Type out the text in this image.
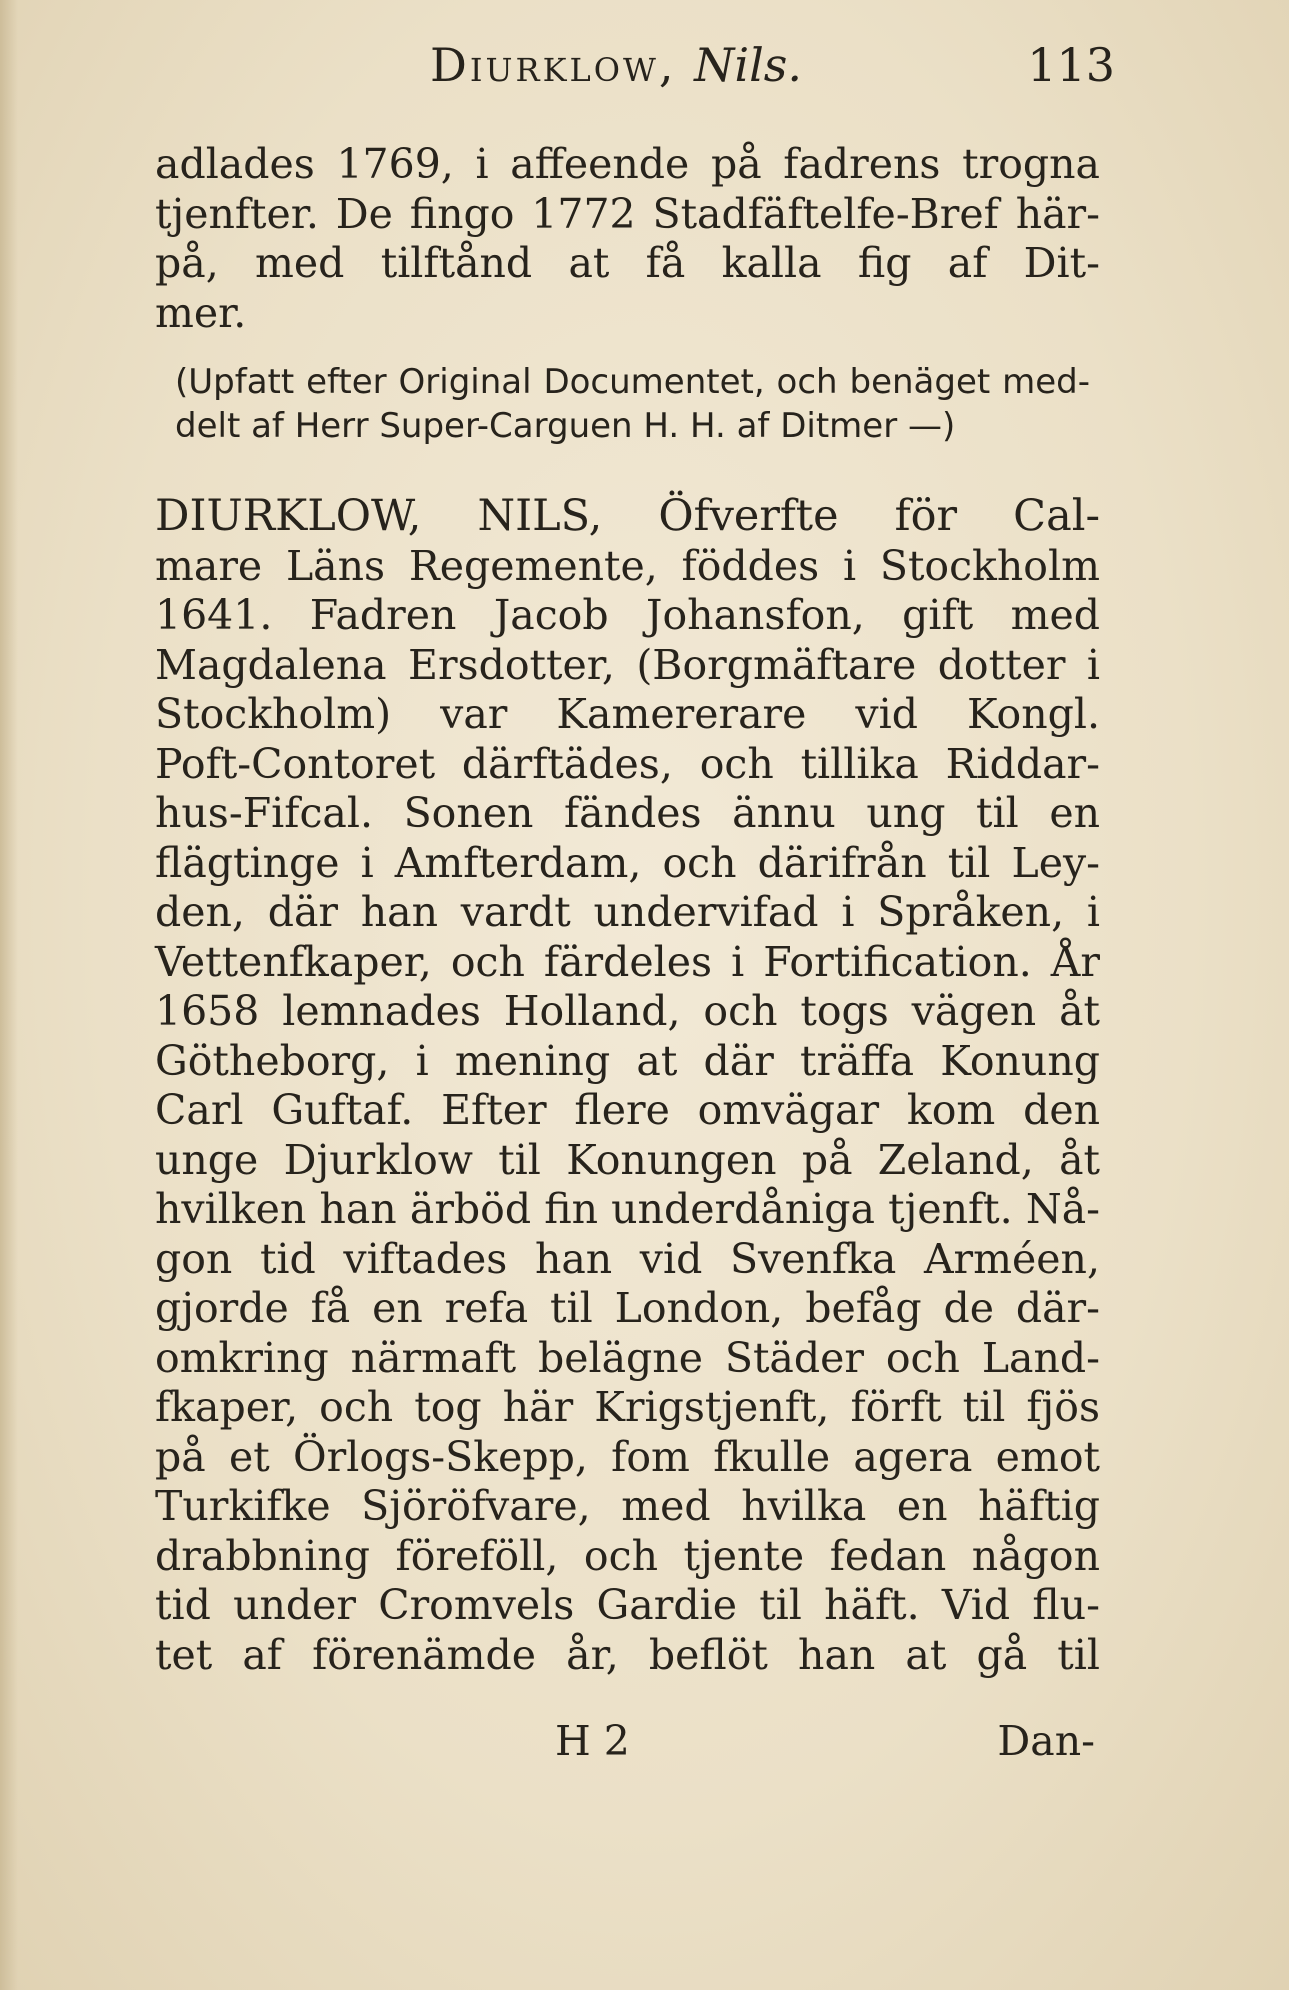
Diurklow, Nils.	113
adlades 1769, i affeende på fadrens trogna
tjenfter. De fingo 1772 Stadfäftelfe-Bref här-
på, med tilftånd at få kalla fig af Dit-
mer.
(Upfatt efter Original Documentet, och benäget med-
delt af Herr Super-Carguen H. H. af Ditmer —)
DIURKLOW, NILS, Öfverfte för Cal-
mare Läns Regemente, föddes i Stockholm
1641. Fadren Jacob Johansfon, gift med
Magdalena Ersdotter, (Borgmäftare dotter i
Stockholm) var Kamererare vid Kongl.
Poft-Contoret därftädes, och tillika Riddar-
hus-Fifcal. Sonen fändes ännu ung til en
flägtinge i Amfterdam, och därifrån til Ley-
den, där han vardt undervifad i Språken, i
Vettenfkaper, och färdeles i Fortification. År
1658 lemnades Holland, och togs vägen åt
Götheborg, i mening at där träffa Konung
Carl Guftaf. Efter flere omvägar kom den
unge Djurklow til Konungen på Zeland, åt
hvilken han ärböd fin underdåniga tjenft. Nå-
gon tid viftades han vid Svenfka Arméen,
gjorde få en refa til London, befåg de där-
omkring närmaft belägne Städer och Land-
fkaper, och tog här Krigstjenft, förft til fjös
på et Örlogs-Skepp, fom fkulle agera emot
Turkifke Sjöröfvare, med hvilka en häftig
drabbning föreföll, och tjente fedan någon
tid under Cromvels Gardie til häft. Vid flu-
tet af förenämde år, beflöt han at gå til
H 2	Dan-
